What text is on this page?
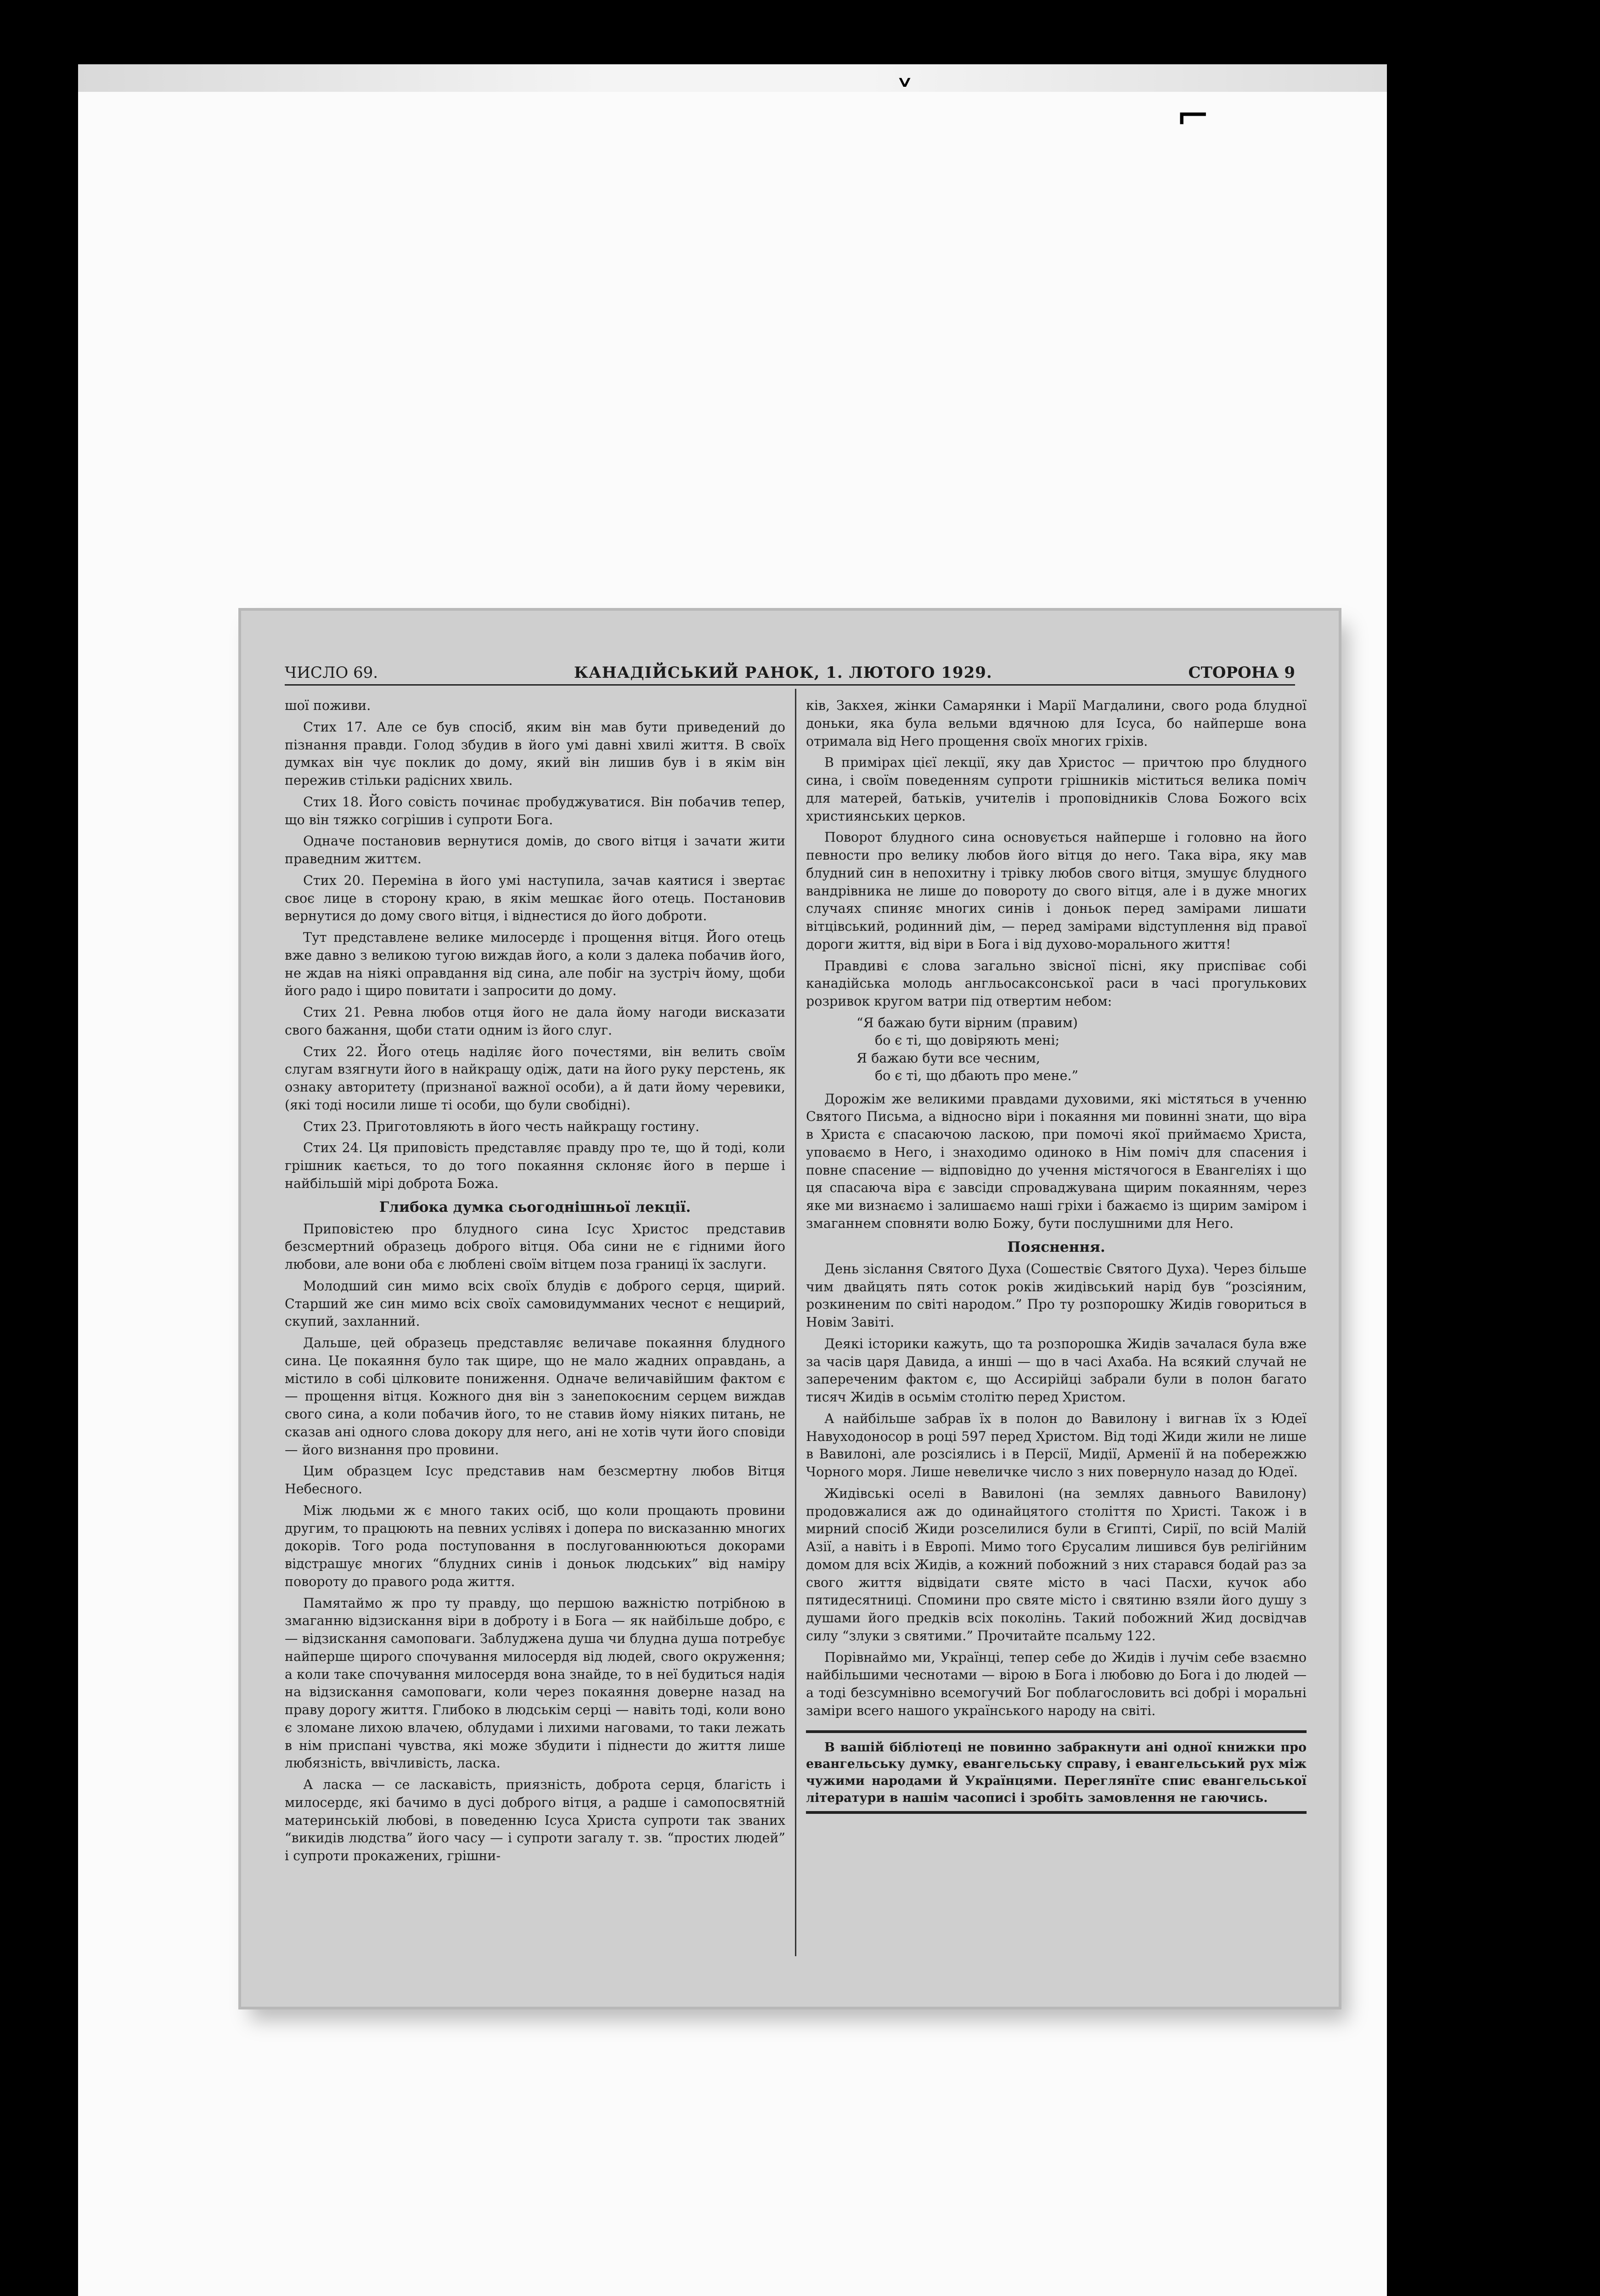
˅	⌐
ЧИСЛО 69.	КАНАДІЙСЬКИЙ РАНОК, 1. ЛЮТОГО 1929.	СТОРОНА 9

шої поживи.

Стих 17. Але се був спосіб, яким він мав бути приведений до пізнання правди. Голод збудив в його умі давні хвилі життя. В своїх думках він чує поклик до дому, який він лишив був і в якім він пережив стільки радісних хвиль.

Стих 18. Його совість починає пробуджуватися. Він побачив тепер, що він тяжко согрішив і супроти Бога.

Одначе постановив вернутися домів, до свого вітця і зачати жити праведним життєм.

Стих 20. Переміна в його умі наступила, зачав каятися і звертає своє лице в сторону краю, в якім мешкає його отець. Постановив вернутися до дому свого вітця, і віднестися до його доброти.

Тут представлене велике милосердє і прощення вітця. Його отець вже давно з великою тугою виждав його, а коли з далека побачив його, не ждав на ніякі оправдання від сина, але побіг на зустріч йому, щоби його радо і щиро повитати і запросити до дому.

Стих 21. Ревна любов отця його не дала йому нагоди висказати свого бажання, щоби стати одним із його слуг.

Стих 22. Його отець наділяє його почестями, він велить своїм слугам взягнути його в найкращу одіж, дати на його руку перстень, як ознаку авторитету (признаної важної особи), а й дати йому черевики, (які тоді носили лише ті особи, що були свобідні).

Стих 23. Приготовляють в його честь найкращу гостину.

Стих 24. Ця приповість представляє правду про те, що й тоді, коли грішник кається, то до того покаяння склоняє його в перше і найбільшій мірі доброта Божа.

Глибока думка сьогоднішньої лекції.

Приповістею про блудного сина Ісус Христос представив безсмертний образець доброго вітця. Оба сини не є гідними його любови, але вони оба є люблені своїм вітцем поза границі їх заслуги.

Молодший син мимо всіх своїх блудів є доброго серця, щирий. Старший же син мимо всіх своїх самовидумманих чеснот є нещирий, скупий, захланний.

Дальше, цей образець представляє величаве покаяння блудного сина. Це покаяння було так щире, що не мало жадних оправдань, а містило в собі цілковите пониження. Одначе величавійшим фактом є — прощення вітця. Кожного дня він з занепокоєним серцем виждав свого сина, а коли побачив його, то не ставив йому ніяких питань, не сказав ані одного слова докору для него, ані не хотів чути його сповіди — його визнання про провини.

Цим образцем Ісус представив нам безсмертну любов Вітця Небесного.

Між людьми ж є много таких осіб, що коли прощають провини другим, то працюють на певних услівях і допера по висказанню многих докорів. Того рода поступовання в послугованнюються докорами відстрашує многих “блудних синів і доньок людських” від наміру повороту до правого рода життя.

Памятаймо ж про ту правду, що першою важністю потрібною в змаганню відзискання віри в доброту і в Бога — як найбільше добро, є — відзискання самоповаги. Заблуджена душа чи блудна душа потребує найперше щирого спочування милосердя від людей, свого окруження; а коли таке спочування милосердя вона знайде, то в неї будиться надія на відзискання самоповаги, коли через покаяння доверне назад на праву дорогу життя. Глибоко в людськім серці — навіть тоді, коли воно є зломане лихою влачею, облудами і лихими наговами, то таки лежать в нім приспані чувства, які може збудити і піднести до життя лише любязність, ввічливість, ласка.

А ласка — се ласкавість, приязність, доброта серця, благість і милосердє, які бачимо в дусі доброго вітця, а радше і самопосвятній материнській любові, в поведенню Ісуса Христа супроти так званих “викидів людства” його часу — і супроти загалу т. зв. “простих людей” і супроти прокажених, грішни-

ків, Закхея, жінки Самарянки і Марії Магдалини, свого рода блудної доньки, яка була вельми вдячною для Ісуса, бо найперше вона отримала від Него прощення своїх многих гріхів.

В примірах цієї лекції, яку дав Христос — причтою про блудного сина, і своїм поведенням супроти грішників міститься велика поміч для матерей, батьків, учителів і проповідників Слова Божого всіх християнських церков.

Поворот блудного сина основується найперше і головно на його певности про велику любов його вітця до него. Така віра, яку мав блудний син в непохитну і трівку любов свого вітця, змушує блудного вандрівника не лише до повороту до свого вітця, але і в дуже многих случаях спиняє многих синів і доньок перед замірами лишати вітцівський, родинний дім, — перед замірами відступлення від правої дороги життя, від віри в Бога і від духово-морального життя!

Правдиві є слова загально звісної пісні, яку приспіває собі канадійська молодь англьосаксонської раси в часі прогулькових розривок кругом ватри під отвертим небом:

“Я бажаю бути вірним (правим)
бо є ті, що довіряють мені;
Я бажаю бути все чесним,
бо є ті, що дбають про мене.”

Дорожім же великими правдами духовими, які містяться в ученню Святого Письма, а відносно віри і покаяння ми повинні знати, що віра в Христа є спасаючою ласкою, при помочі якої приймаємо Христа, уповаємо в Него, і знаходимо одиноко в Нім поміч для спасения і повне спасение — відповідно до учення містячогося в Евангеліях і що ця спасаюча віра є завсіди спроваджувана щирим покаянням, через яке ми визнаємо і залишаємо наші гріхи і бажаємо із щирим заміром і змаганнем сповняти волю Божу, бути послушними для Него.

Пояснення.

День зіслання Святого Духа (Сошествіє Святого Духа). Через більше чим двайцять пять соток років жидівський нарід був “розсіяним, розкиненим по світі народом.” Про ту розпорошку Жидів говориться в Новім Завіті.

Деякі історики кажуть, що та розпорошка Жидів зачалася була вже за часів царя Давида, а инші — що в часі Ахаба. На всякий случай не запереченим фактом є, що Ассирійці забрали були в полон багато тисяч Жидів в осьмім столітю перед Христом.

А найбільше забрав їх в полон до Вавилону і вигнав їх з Юдеї Навуходоносор в році 597 перед Христом. Від тоді Жиди жили не лише в Вавилоні, але розсіялись і в Персії, Мидії, Арменії й на побережжю Чорного моря. Лише невеличке число з них повернуло назад до Юдеї.

Жидівські оселі в Вавилоні (на землях давнього Вавилону) продовжалися аж до одинайцятого століття по Христі. Також і в мирний спосіб Жиди розселилися були в Єгипті, Сирії, по всій Малій Азії, а навіть і в Европі. Мимо того Єрусалим лишився був релігійним домом для всіх Жидів, а кожний побожний з них старався бодай раз за свого життя відвідати святе місто в часі Пасхи, кучок або пятидесятниці. Спомини про святе місто і святиню взяли його душу з душами його предків всіх поколінь. Такий побожний Жид досвідчав силу “злуки з святими.” Прочитайте псальму 122.

Порівнаймо ми, Українці, тепер себе до Жидів і лучім себе взаємно найбільшими чеснотами — вірою в Бога і любовю до Бога і до людей — а тоді безсумнівно всемогучий Бог поблагословить всі добрі і моральні заміри всего нашого українського народу на світі.

В вашій бібліотеці не повинно забракнути ані одної книжки про евангельську думку, евангельську справу, і евангельський рух між чужими народами й Українцями. Переглянїте спис евангельської літератури в нашім часописі і зробіть замовлення не гаючись.
